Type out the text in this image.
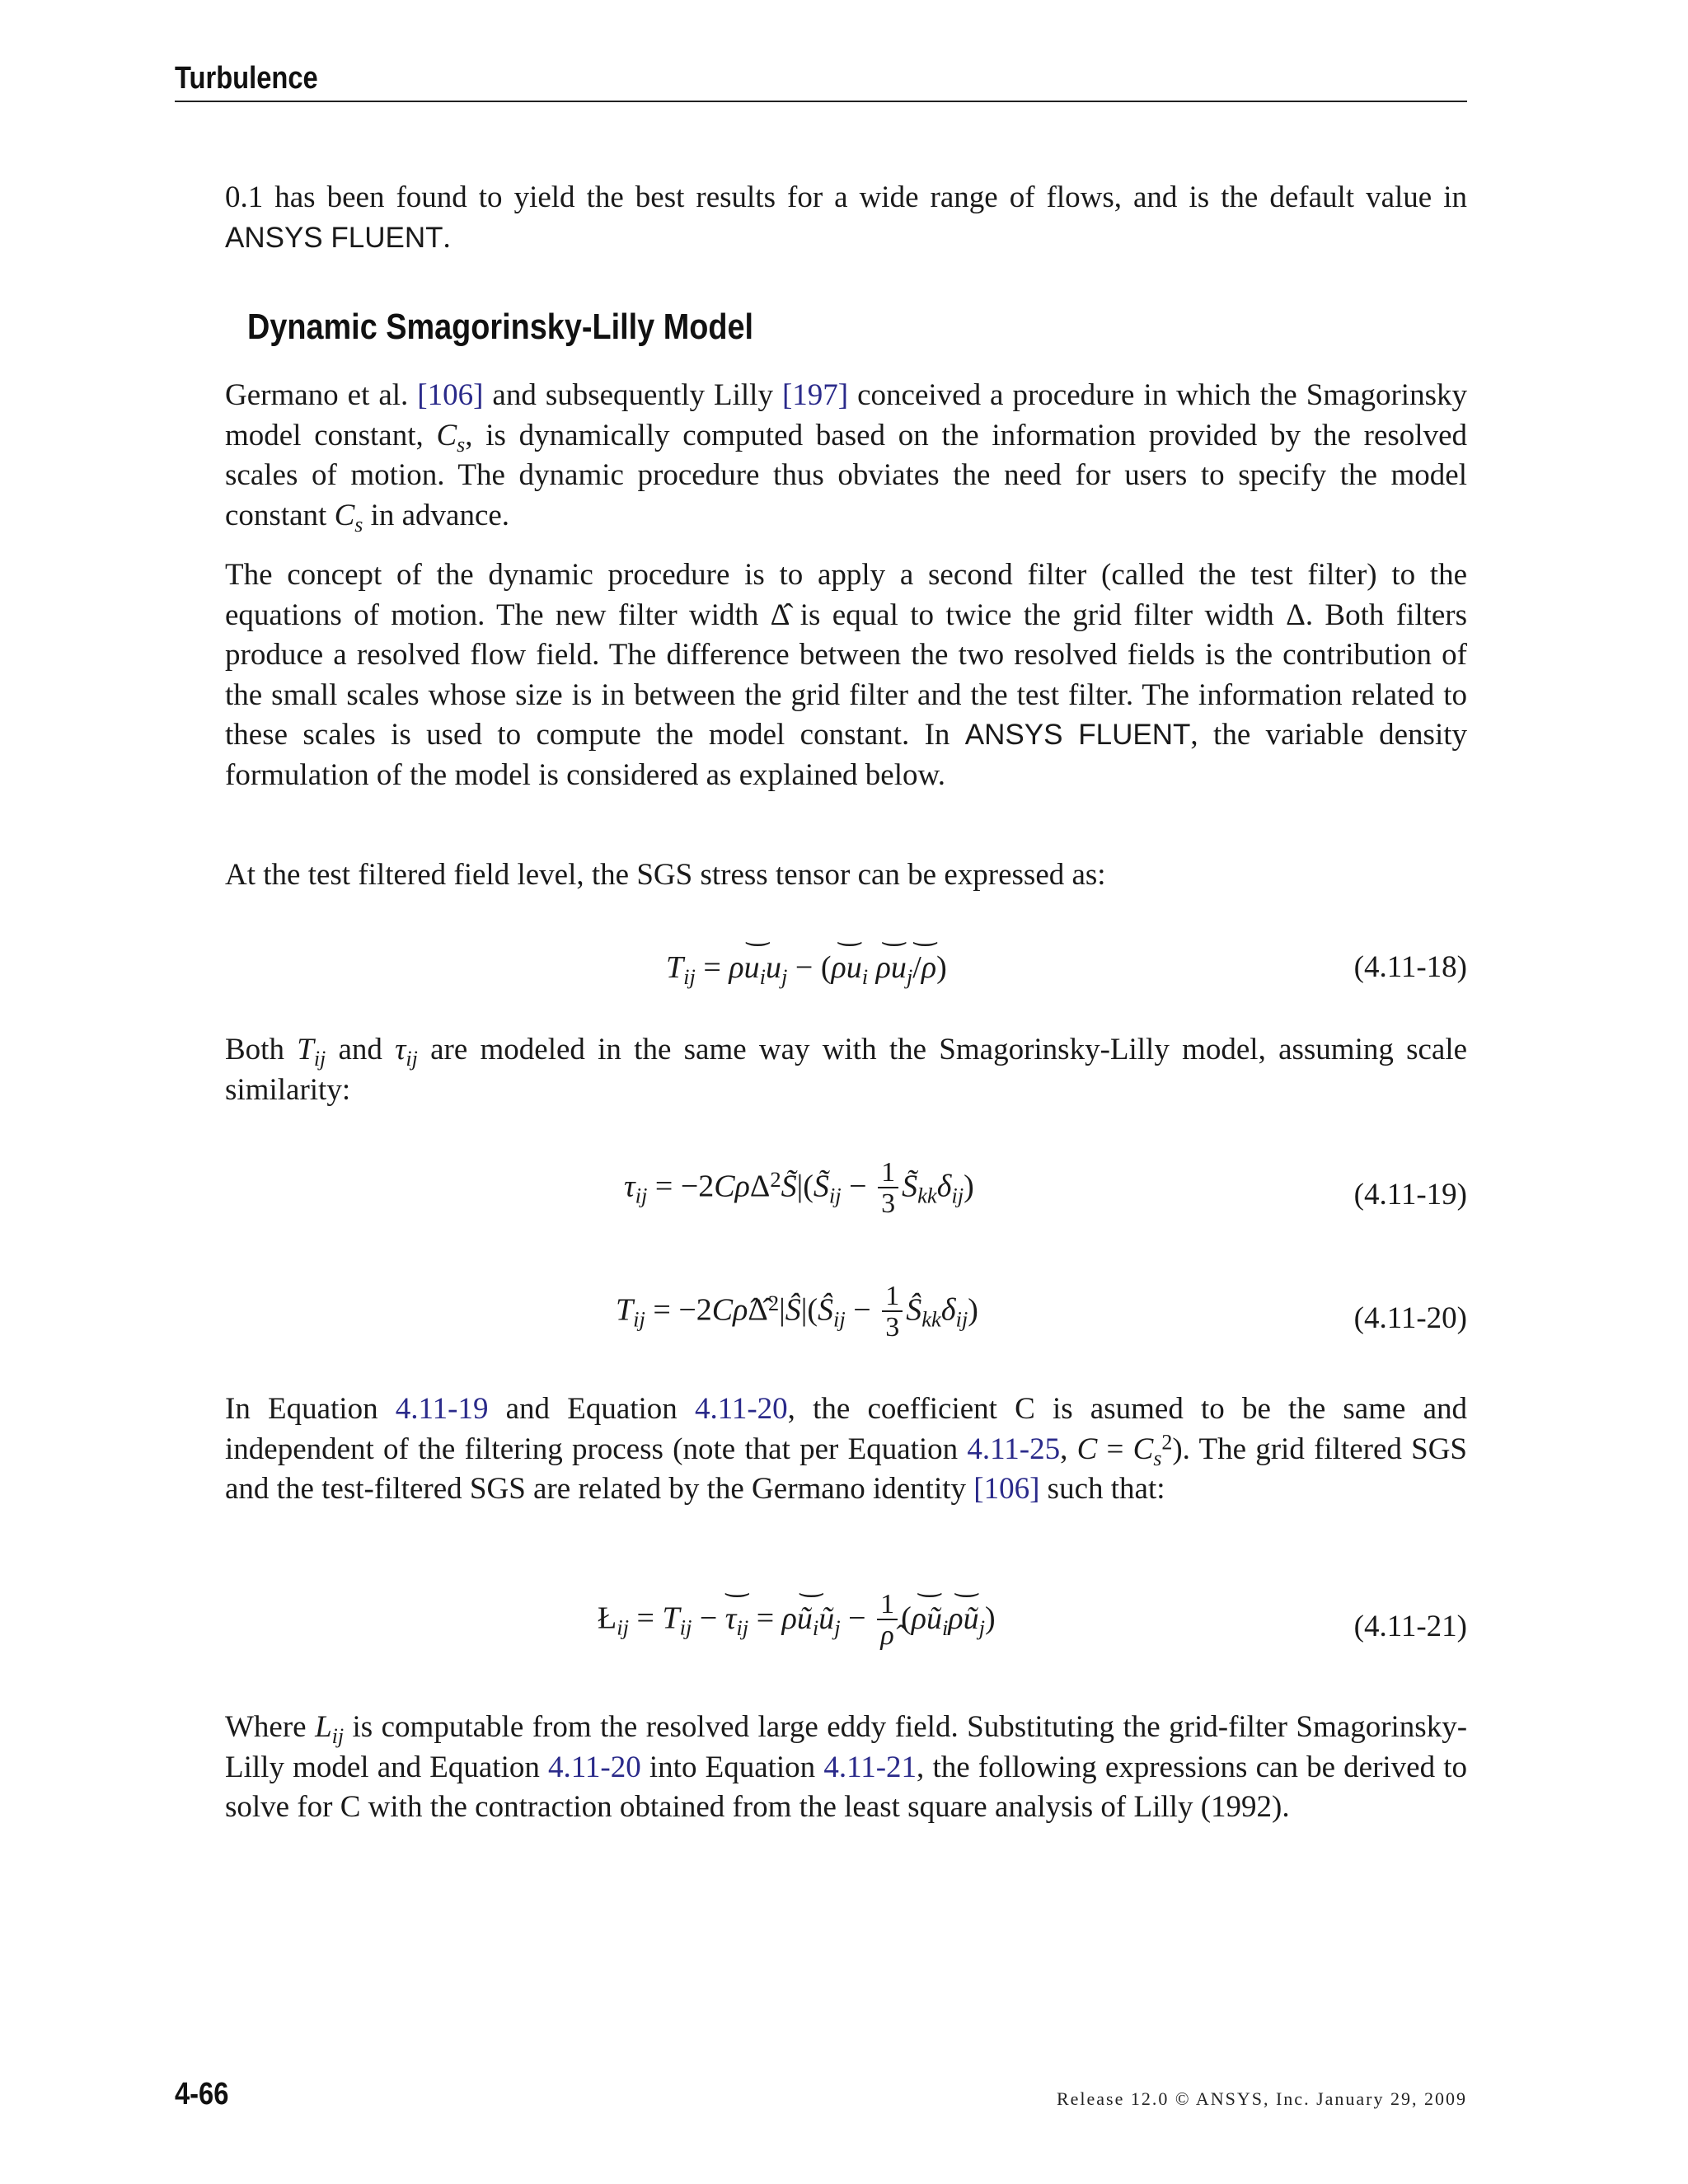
Turbulence
0.1 has been found to yield the best results for a wide range of flows, and is the default value in ANSYS FLUENT.
Dynamic Smagorinsky-Lilly Model
Germano et al. [106] and subsequently Lilly [197] conceived a procedure in which the Smagorinsky model constant, $C_s$, is dynamically computed based on the information provided by the resolved scales of motion. The dynamic procedure thus obviates the need for users to specify the model constant $C_s$ in advance.
The concept of the dynamic procedure is to apply a second filter (called the test filter) to the equations of motion. The new filter width Δ̂ is equal to twice the grid filter width Δ. Both filters produce a resolved flow field. The difference between the two resolved fields is the contribution of the small scales whose size is in between the grid filter and the test filter. The information related to these scales is used to compute the model constant. In ANSYS FLUENT, the variable density formulation of the model is considered as explained below.
At the test filtered field level, the SGS stress tensor can be expressed as:
$T_{ij}$ = ⌢ $\rho u_iu_j$ − (⌢ $\rho u_i$ ⌢ $\rho u_j/⌢$ ρ)	(4.11-18)
Both $T_{ij}$ and $\tau_{ij}$ are modeled in the same way with the Smagorinsky-Lilly model, assuming scale similarity:
$\tau_{ij}$ = $-2C\rho\Delta^2S̃|(S̃_{ij} - \frac{1}{3}$ $S̃_{kk}\delta_{ij}$)	(4.11-19)
$T_{ij}$ = $-2C\rhô\Deltâ^2|Ŝ|(Ŝ_{ij} - \frac{1}{3}$ $Ŝ_{kk}\delta_{ij}$)	(4.11-20)
In Equation 4.11-19 and Equation 4.11-20, the coefficient C is asumed to be the same and independent of the filtering process (note that per Equation 4.11-25, $C = C_s^2$). The grid filtered SGS and the test-filtered SGS are related by the Germano identity [106] such that:
$Ł_{ij} = T_{ij}$ − ⌢ $\tau_{ij}$ = ⌢ $\rho ũ_iũ_j - \frac{1}{\rhô}$ (⌢ $\rho ũ_i⌢$ $\rho ũ_j$)	(4.11-21)
Where $L_{ij}$ is computable from the resolved large eddy field. Substituting the grid-filter Smagorinsky-Lilly model and Equation 4.11-20 into Equation 4.11-21, the following expressions can be derived to solve for C with the contraction obtained from the least square analysis of Lilly (1992).
4-66	Release 12.0 © ANSYS, Inc. January 29, 2009
